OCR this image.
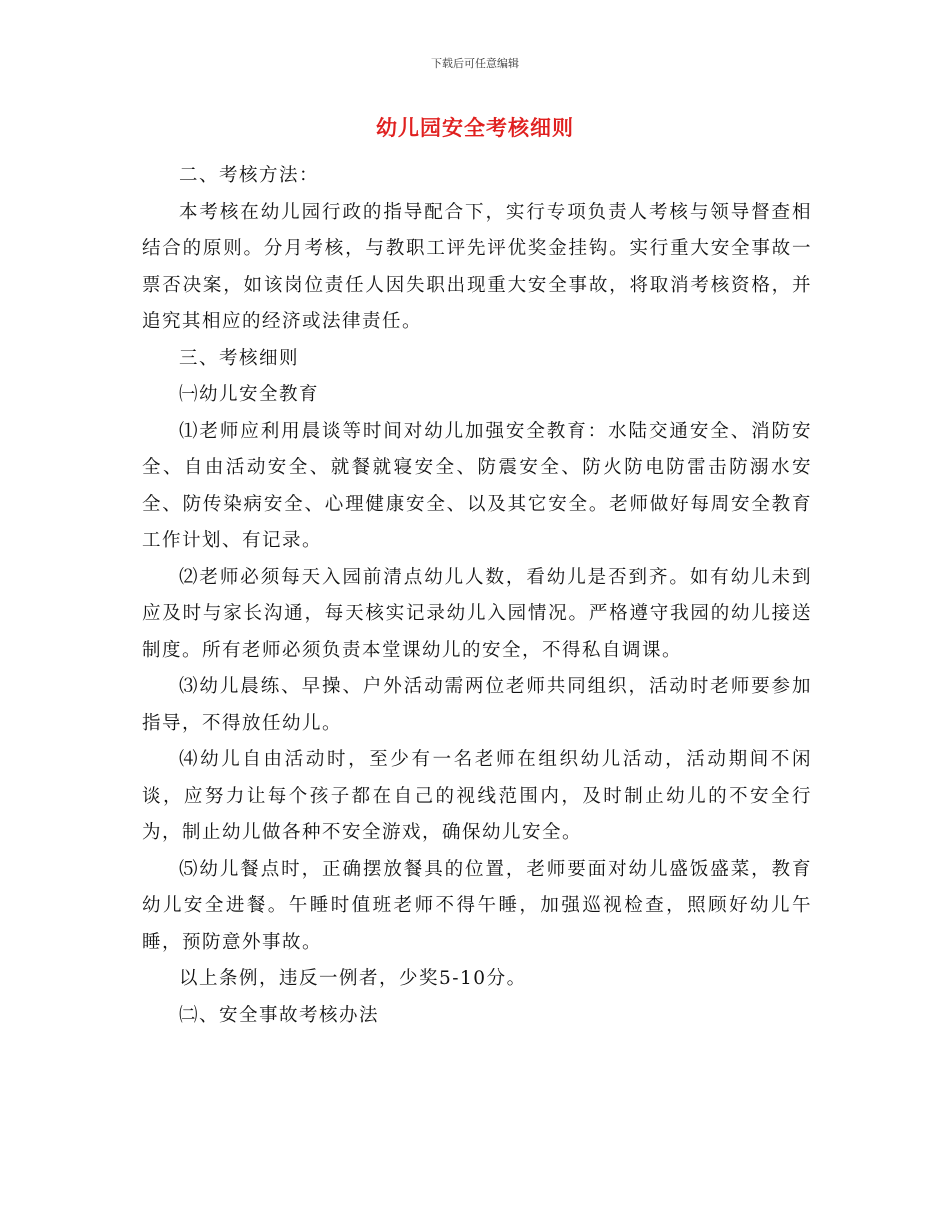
下载后可任意编辑
幼儿园安全考核细则

二、考核方法：

本考核在幼儿园行政的指导配合下，实行专项负责人考核与领导督查相结合的原则。分月考核，与教职工评先评优奖金挂钩。实行重大安全事故一票否决案，如该岗位责任人因失职出现重大安全事故，将取消考核资格，并追究其相应的经济或法律责任。

三、考核细则

㈠幼儿安全教育

⑴老师应利用晨谈等时间对幼儿加强安全教育：水陆交通安全、消防安全、自由活动安全、就餐就寝安全、防震安全、防火防电防雷击防溺水安全、防传染病安全、心理健康安全、以及其它安全。老师做好每周安全教育工作计划、有记录。

⑵老师必须每天入园前清点幼儿人数，看幼儿是否到齐。如有幼儿未到应及时与家长沟通，每天核实记录幼儿入园情况。严格遵守我园的幼儿接送制度。所有老师必须负责本堂课幼儿的安全，不得私自调课。

⑶幼儿晨练、早操、户外活动需两位老师共同组织，活动时老师要参加指导，不得放任幼儿。

⑷幼儿自由活动时，至少有一名老师在组织幼儿活动，活动期间不闲谈，应努力让每个孩子都在自己的视线范围内，及时制止幼儿的不安全行为，制止幼儿做各种不安全游戏，确保幼儿安全。

⑸幼儿餐点时，正确摆放餐具的位置，老师要面对幼儿盛饭盛菜，教育幼儿安全进餐。午睡时值班老师不得午睡，加强巡视检查，照顾好幼儿午睡，预防意外事故。

以上条例，违反一例者，少奖5-10分。

㈡、安全事故考核办法
